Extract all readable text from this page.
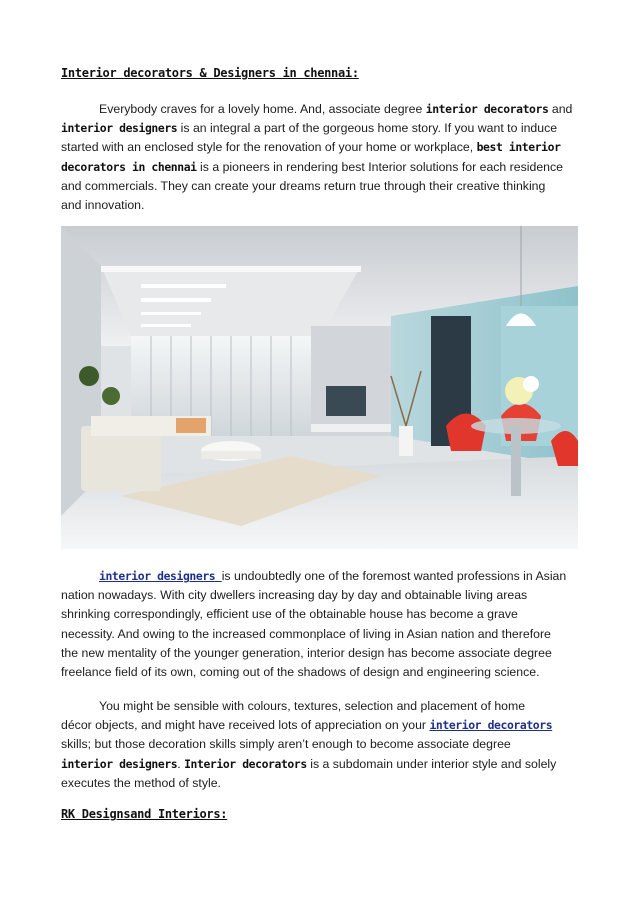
Interior decorators & Designers in chennai:
Everybody craves for a lovely home. And, associate degree interior decorators and
interior designers is an integral a part of the gorgeous home story. If you want to induce
started with an enclosed style for the renovation of your home or workplace, best interior
decorators in chennai is a pioneers in rendering best Interior solutions for each residence
and commercials. They can create your dreams return true through their creative thinking
and innovation.
interior designers is undoubtedly one of the foremost wanted professions in Asian
nation nowadays. With city dwellers increasing day by day and obtainable living areas
shrinking correspondingly, efficient use of the obtainable house has become a grave
necessity. And owing to the increased commonplace of living in Asian nation and therefore
the new mentality of the younger generation, interior design has become associate degree
freelance field of its own, coming out of the shadows of design and engineering science.
You might be sensible with colours, textures, selection and placement of home
décor objects, and might have received lots of appreciation on your interior decorators
skills; but those decoration skills simply aren’t enough to become associate degree
interior designers. Interior decorators is a subdomain under interior style and solely
executes the method of style.
RK Designsand Interiors:
